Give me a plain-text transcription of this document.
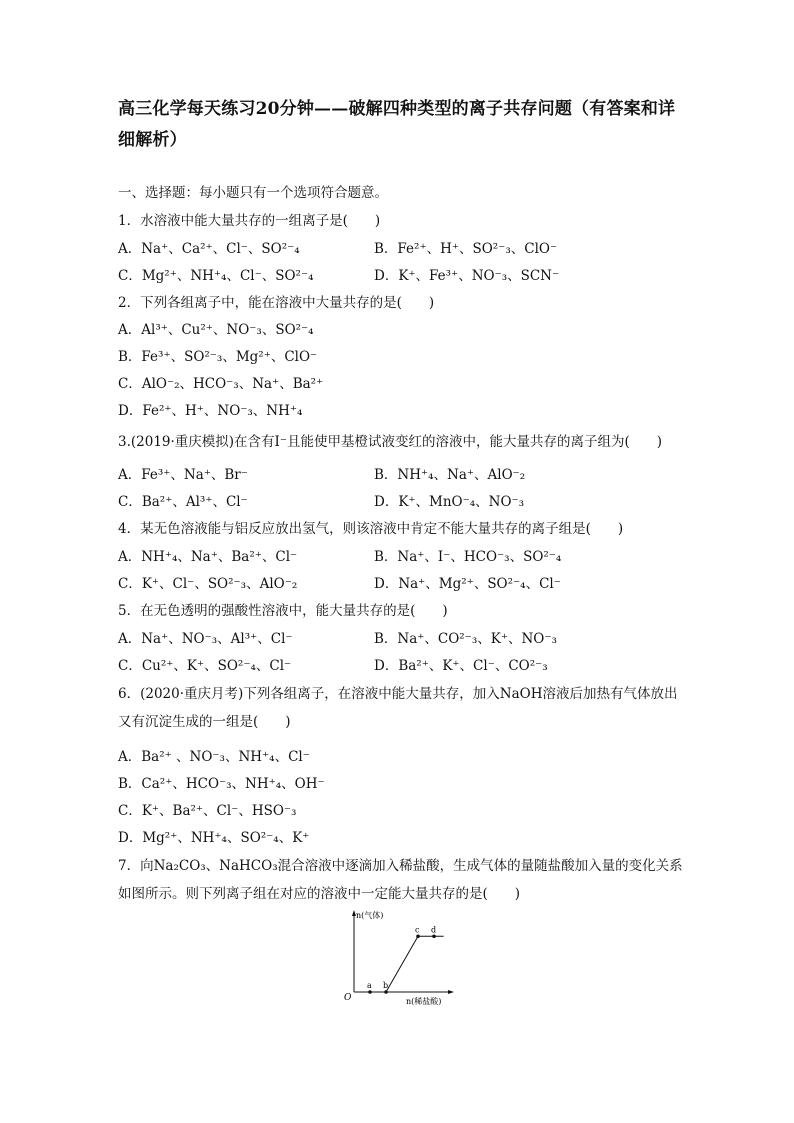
高三化学每天练习20分钟——破解四种类型的离子共存问题（有答案和详细解析）
一、选择题：每小题只有一个选项符合题意。
1．水溶液中能大量共存的一组离子是(　　)
A．Na⁺、Ca²⁺、Cl⁻、SO²⁻₄	B．Fe²⁺、H⁺、SO²⁻₃、ClO⁻
C．Mg²⁺、NH⁺₄、Cl⁻、SO²⁻₄	D．K⁺、Fe³⁺、NO⁻₃、SCN⁻
2．下列各组离子中，能在溶液中大量共存的是(　　)
A．Al³⁺、Cu²⁺、NO⁻₃、SO²⁻₄
B．Fe³⁺、SO²⁻₃、Mg²⁺、ClO⁻
C．AlO⁻₂、HCO⁻₃、Na⁺、Ba²⁺
D．Fe²⁺、H⁺、NO⁻₃、NH⁺₄
3.(2019·重庆模拟)在含有I⁻且能使甲基橙试液变红的溶液中，能大量共存的离子组为(　　)
A．Fe³⁺、Na⁺、Br⁻	B．NH⁺₄、Na⁺、AlO⁻₂
C．Ba²⁺、Al³⁺、Cl⁻	D．K⁺、MnO⁻₄、NO⁻₃
4．某无色溶液能与铝反应放出氢气，则该溶液中肯定不能大量共存的离子组是(　　)
A．NH⁺₄、Na⁺、Ba²⁺、Cl⁻	B．Na⁺、I⁻、HCO⁻₃、SO²⁻₄
C．K⁺、Cl⁻、SO²⁻₃、AlO⁻₂	D．Na⁺、Mg²⁺、SO²⁻₄、Cl⁻
5．在无色透明的强酸性溶液中，能大量共存的是(　　)
A．Na⁺、NO⁻₃、Al³⁺、Cl⁻	B．Na⁺、CO²⁻₃、K⁺、NO⁻₃
C．Cu²⁺、K⁺、SO²⁻₄、Cl⁻	D．Ba²⁺、K⁺、Cl⁻、CO²⁻₃
6．(2020·重庆月考)下列各组离子，在溶液中能大量共存，加入NaOH溶液后加热有气体放出又有沉淀生成的一组是(　　)
A．Ba²⁺ 、NO⁻₃、NH⁺₄、Cl⁻
B．Ca²⁺、HCO⁻₃、NH⁺₄、OH⁻
C．K⁺、Ba²⁺、Cl⁻、HSO⁻₃
D．Mg²⁺、NH⁺₄、SO²⁻₄、K⁺
7．向Na₂CO₃、NaHCO₃混合溶液中逐滴加入稀盐酸，生成气体的量随盐酸加入量的变化关系如图所示。则下列离子组在对应的溶液中一定能大量共存的是(　　)
n(气体)
n(稀盐酸)
O
a b
c d
